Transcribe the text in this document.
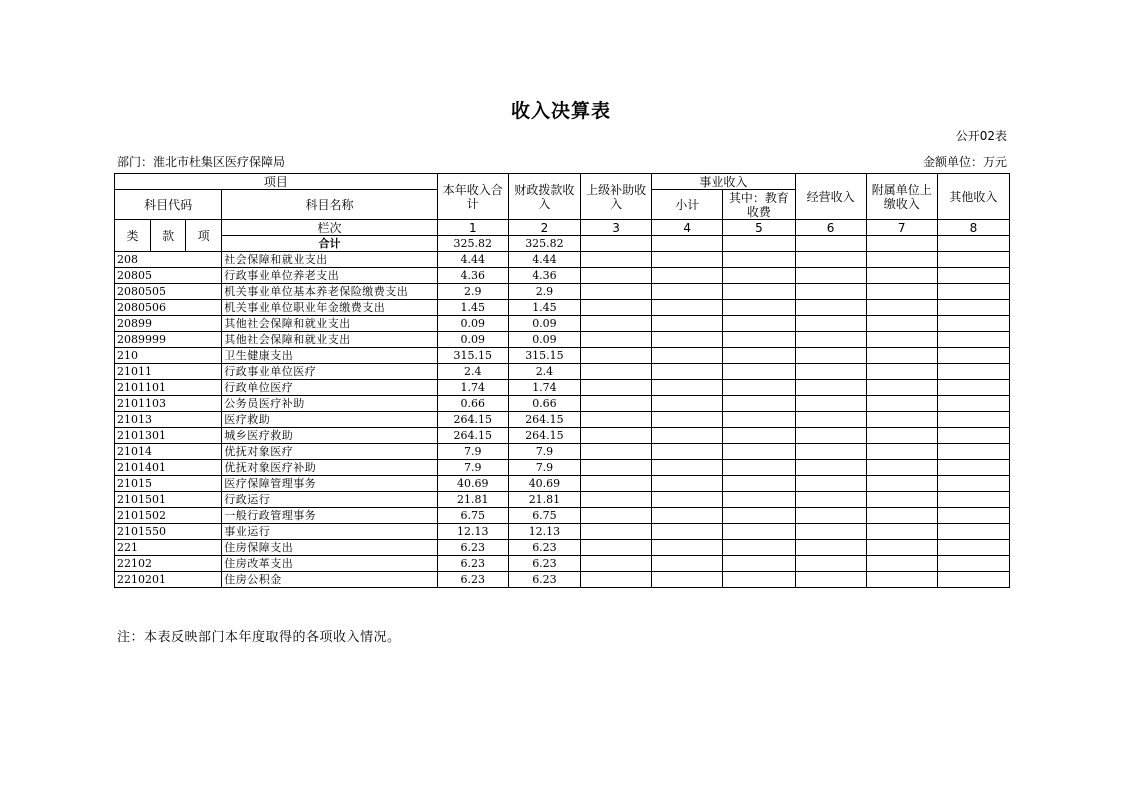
收入决算表
公开02表
部门：淮北市杜集区医疗保障局	金额单位：万元
项目				本年收入合计	财政拨款收入	上级补助收入	事业收入		经营收入	附属单位上缴收入	其他收入
科目代码			科目名称				小计	其中：教育收费			
类	款	项	栏次	1	2	3	4	5	6	7	8
			合计	325.82	325.82						
208			社会保障和就业支出	4.44	4.44						
20805			行政事业单位养老支出	4.36	4.36						
2080505			机关事业单位基本养老保险缴费支出	2.9	2.9						
2080506			机关事业单位职业年金缴费支出	1.45	1.45						
20899			其他社会保障和就业支出	0.09	0.09						
2089999			其他社会保障和就业支出	0.09	0.09						
210			卫生健康支出	315.15	315.15						
21011			行政事业单位医疗	2.4	2.4						
2101101			行政单位医疗	1.74	1.74						
2101103			公务员医疗补助	0.66	0.66						
21013			医疗救助	264.15	264.15						
2101301			城乡医疗救助	264.15	264.15						
21014			优抚对象医疗	7.9	7.9						
2101401			优抚对象医疗补助	7.9	7.9						
21015			医疗保障管理事务	40.69	40.69						
2101501			行政运行	21.81	21.81						
2101502			一般行政管理事务	6.75	6.75						
2101550			事业运行	12.13	12.13						
221			住房保障支出	6.23	6.23						
22102			住房改革支出	6.23	6.23						
2210201			住房公积金	6.23	6.23						
注：本表反映部门本年度取得的各项收入情况。
